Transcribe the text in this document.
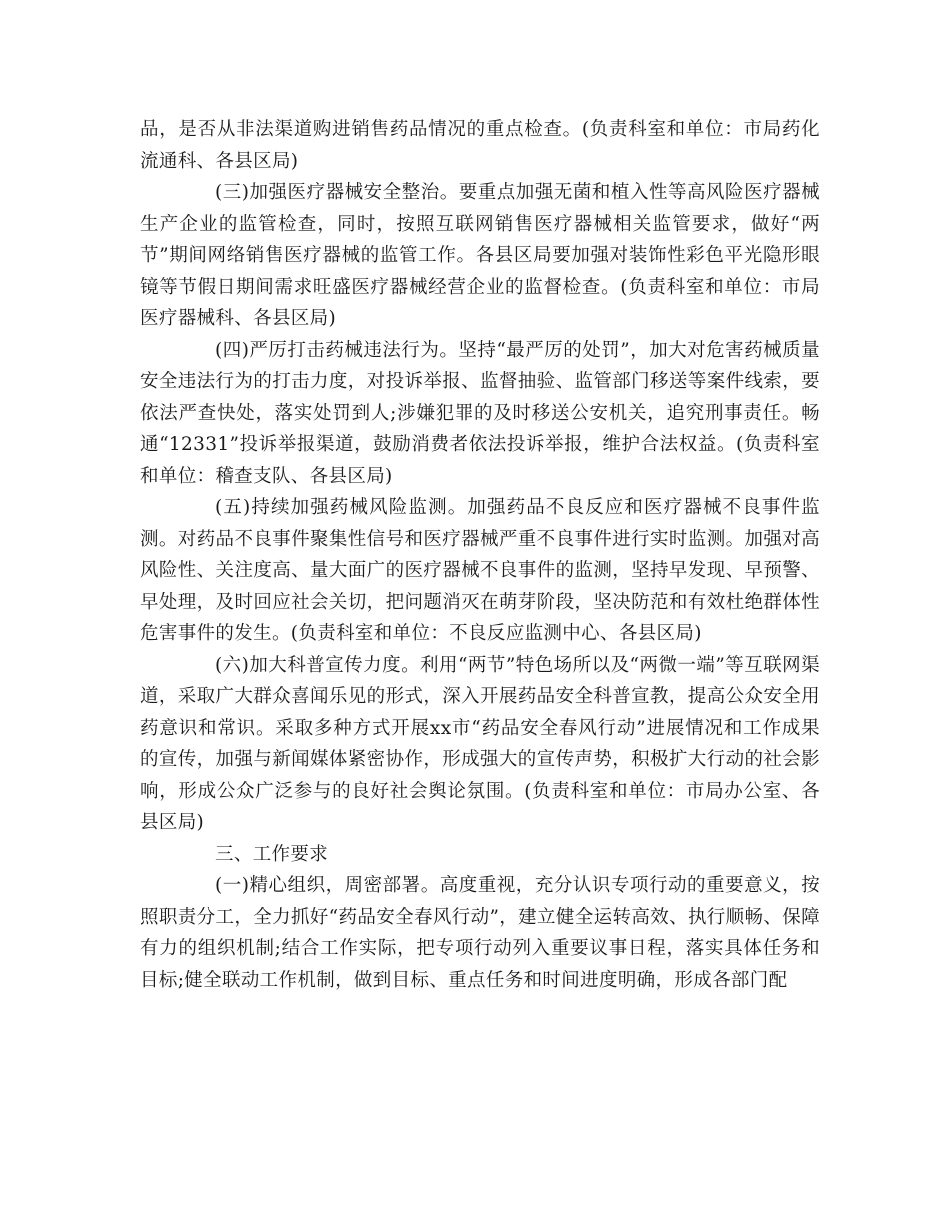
品，是否从非法渠道购进销售药品情况的重点检查。(负责科室和单位：市局药化流通科、各县区局)

(三)加强医疗器械安全整治。要重点加强无菌和植入性等高风险医疗器械生产企业的监管检查，同时，按照互联网销售医疗器械相关监管要求，做好“两节”期间网络销售医疗器械的监管工作。各县区局要加强对装饰性彩色平光隐形眼镜等节假日期间需求旺盛医疗器械经营企业的监督检查。(负责科室和单位：市局医疗器械科、各县区局)

(四)严厉打击药械违法行为。坚持“最严厉的处罚”，加大对危害药械质量安全违法行为的打击力度，对投诉举报、监督抽验、监管部门移送等案件线索，要依法严查快处，落实处罚到人;涉嫌犯罪的及时移送公安机关，追究刑事责任。畅通“12331”投诉举报渠道，鼓励消费者依法投诉举报，维护合法权益。(负责科室和单位：稽查支队、各县区局)

(五)持续加强药械风险监测。加强药品不良反应和医疗器械不良事件监测。对药品不良事件聚集性信号和医疗器械严重不良事件进行实时监测。加强对高风险性、关注度高、量大面广的医疗器械不良事件的监测，坚持早发现、早预警、早处理，及时回应社会关切，把问题消灭在萌芽阶段，坚决防范和有效杜绝群体性危害事件的发生。(负责科室和单位：不良反应监测中心、各县区局)

(六)加大科普宣传力度。利用“两节”特色场所以及“两微一端”等互联网渠道，采取广大群众喜闻乐见的形式，深入开展药品安全科普宣教，提高公众安全用药意识和常识。采取多种方式开展xx市“药品安全春风行动”进展情况和工作成果的宣传，加强与新闻媒体紧密协作，形成强大的宣传声势，积极扩大行动的社会影响，形成公众广泛参与的良好社会舆论氛围。(负责科室和单位：市局办公室、各县区局)

三、工作要求

(一)精心组织，周密部署。高度重视，充分认识专项行动的重要意义，按照职责分工，全力抓好“药品安全春风行动”，建立健全运转高效、执行顺畅、保障有力的组织机制;结合工作实际，把专项行动列入重要议事日程，落实具体任务和目标;健全联动工作机制，做到目标、重点任务和时间进度明确，形成各部门配
